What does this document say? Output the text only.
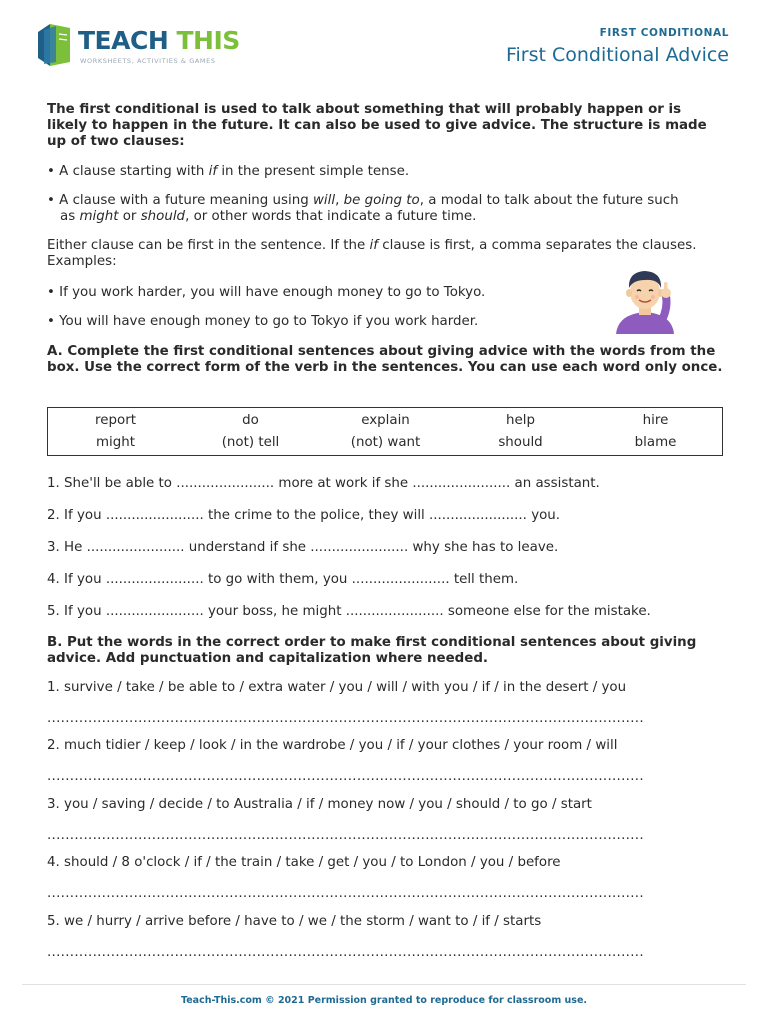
TEACH THIS
WORKSHEETS, ACTIVITIES & GAMES
FIRST CONDITIONAL
First Conditional Advice
The first conditional is used to talk about something that will probably happen or is likely to happen in the future. It can also be used to give advice. The structure is made up of two clauses:
• A clause starting with if in the present simple tense.
• A clause with a future meaning using will, be going to, a modal to talk about the future such
as might or should, or other words that indicate a future time.
Either clause can be first in the sentence. If the if clause is first, a comma separates the clauses.
Examples:
• If you work harder, you will have enough money to go to Tokyo.
• You will have enough money to go to Tokyo if you work harder.
A. Complete the first conditional sentences about giving advice with the words from the box. Use the correct form of the verb in the sentences. You can use each word only once.
report	do	explain	help	hire
might	(not) tell	(not) want	should	blame
1. She'll be able to ....................... more at work if she ....................... an assistant.
2. If you ....................... the crime to the police, they will ....................... you.
3. He ....................... understand if she ....................... why she has to leave.
4. If you ....................... to go with them, you ....................... tell them.
5. If you ....................... your boss, he might ....................... someone else for the mistake.
B. Put the words in the correct order to make first conditional sentences about giving advice. Add punctuation and capitalization where needed.
1. survive / take / be able to / extra water / you / will / with you / if / in the desert / you
...................................................................................................................................
2. much tidier / keep / look / in the wardrobe / you / if / your clothes / your room / will
...................................................................................................................................
3. you / saving / decide / to Australia / if / money now / you / should / to go / start
...................................................................................................................................
4. should / 8 o'clock / if / the train / take / get / you / to London / you / before
...................................................................................................................................
5. we / hurry / arrive before / have to / we / the storm / want to / if / starts
...................................................................................................................................
Teach-This.com © 2021 Permission granted to reproduce for classroom use.
